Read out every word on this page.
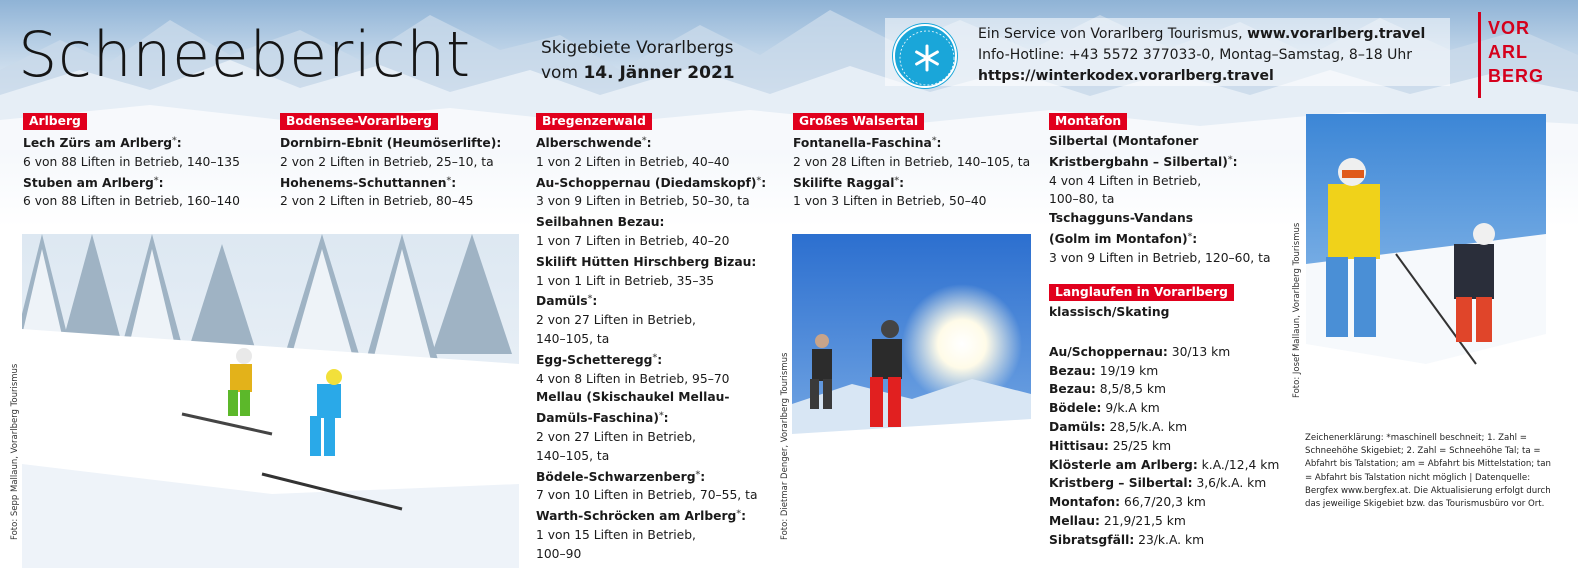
Schneebericht	Skigebiete Vorarlbergs
vom 14. Jänner 2021
Ein Service von Vorarlberg Tourismus, www.vorarlberg.travel
Info-Hotline: +43 5572 377033-0, Montag–Samstag, 8–18 Uhr
https://winterkodex.vorarlberg.travel
VOR
ARL
BERG
Arlberg
Lech Zürs am Arlberg*:
6 von 88 Liften in Betrieb, 140–135
Stuben am Arlberg*:
6 von 88 Liften in Betrieb, 160–140
Bodensee-Vorarlberg
Dornbirn-Ebnit (Heumöserlifte):
2 von 2 Liften in Betrieb, 25–10, ta
Hohenems-Schuttannen*:
2 von 2 Liften in Betrieb, 80–45
Bregenzerwald
Alberschwende*:
1 von 2 Liften in Betrieb, 40–40
Au-Schoppernau (Diedamskopf)*:
3 von 9 Liften in Betrieb, 50–30, ta
Seilbahnen Bezau:
1 von 7 Liften in Betrieb, 40–20
Skilift Hütten Hirschberg Bizau:
1 von 1 Lift in Betrieb, 35–35
Damüls*:
2 von 27 Liften in Betrieb,
140–105, ta
Egg-Schetteregg*:
4 von 8 Liften in Betrieb, 95–70
Mellau (Skischaukel Mellau-
Damüls-Faschina)*:
2 von 27 Liften in Betrieb,
140–105, ta
Bödele-Schwarzenberg*:
7 von 10 Liften in Betrieb, 70–55, ta
Warth-Schröcken am Arlberg*:
1 von 15 Liften in Betrieb,
100–90
Großes Walsertal
Fontanella-Faschina*:
2 von 28 Liften in Betrieb, 140–105, ta
Skilifte Raggal*:
1 von 3 Liften in Betrieb, 50–40
Montafon
Silbertal (Montafoner
Kristbergbahn – Silbertal)*:
4 von 4 Liften in Betrieb,
100–80, ta
Tschagguns-Vandans
(Golm im Montafon)*:
3 von 9 Liften in Betrieb, 120–60, ta
Langlaufen in Vorarlberg
klassisch/Skating
Au/Schoppernau: 30/13 km
Bezau: 19/19 km
Bezau: 8,5/8,5 km
Bödele: 9/k.A km
Damüls: 28,5/k.A. km
Hittisau: 25/25 km
Klösterle am Arlberg: k.A./12,4 km
Kristberg – Silbertal: 3,6/k.A. km
Montafon: 66,7/20,3 km
Mellau: 21,9/21,5 km
Sibratsgfäll: 23/k.A. km
Foto: Sepp Mallaun, Vorarlberg Tourismus	Foto: Dietmar Denger, Vorarlberg Tourismus
Foto: Josef Mallaun, Vorarlberg Tourismus
Zeichenerklärung: *maschinell beschneit; 1. Zahl = Schneehöhe Skigebiet; 2. Zahl = Schneehöhe Tal; ta = Abfahrt bis Talstation; am = Abfahrt bis Mittelstation; tan = Abfahrt bis Talstation nicht möglich | Datenquelle: Bergfex www.bergfex.at. Die Aktualisierung erfolgt durch das jeweilige Skigebiet bzw. das Tourismusbüro vor Ort.
